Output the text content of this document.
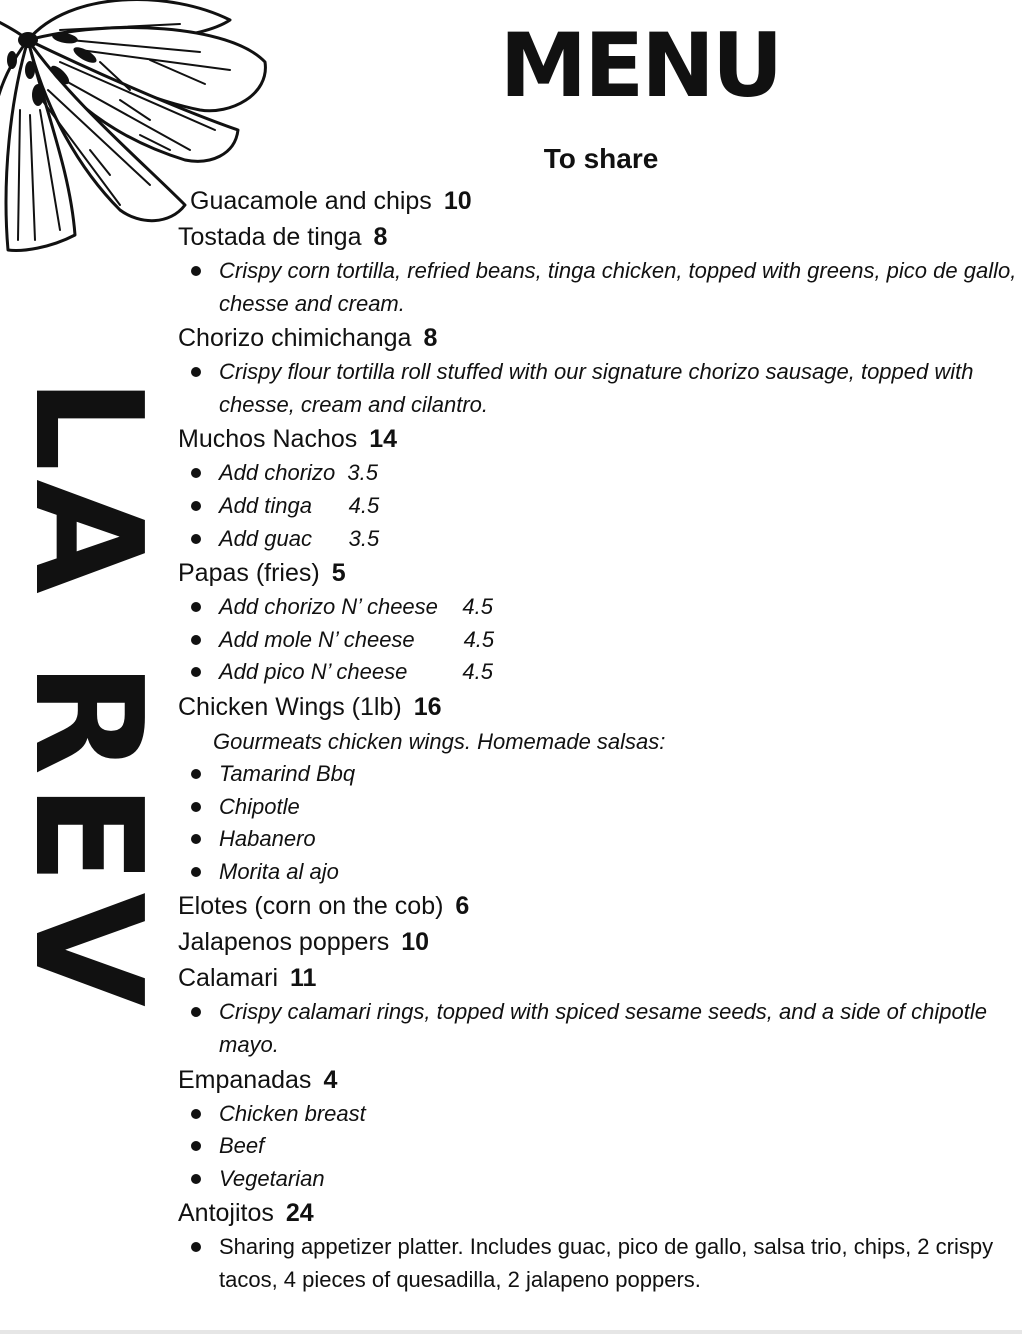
MENU
To share
LA REV
Guacamole and chips 10
Tostada de tinga 8
Crispy corn tortilla, refried beans, tinga chicken, topped with greens, pico de gallo, chesse and cream.
Chorizo chimichanga 8
Crispy flour tortilla roll stuffed with our signature chorizo sausage, topped with chesse, cream and cilantro.
Muchos Nachos 14
Add chorizo  3.5
Add tinga      4.5
Add guac      3.5
Papas (fries) 5
Add chorizo N’ cheese    4.5
Add mole N’ cheese        4.5
Add pico N’ cheese         4.5
Chicken Wings (1lb) 16
Gourmeats chicken wings. Homemade salsas:
Tamarind Bbq
Chipotle
Habanero
Morita al ajo
Elotes (corn on the cob) 6
Jalapenos poppers 10
Calamari 11
Crispy calamari rings, topped with spiced sesame seeds, and a side of chipotle mayo.
Empanadas 4
Chicken breast
Beef
Vegetarian
Antojitos 24
Sharing appetizer platter. Includes guac, pico de gallo, salsa trio, chips, 2 crispy tacos, 4 pieces of quesadilla, 2 jalapeno poppers.
